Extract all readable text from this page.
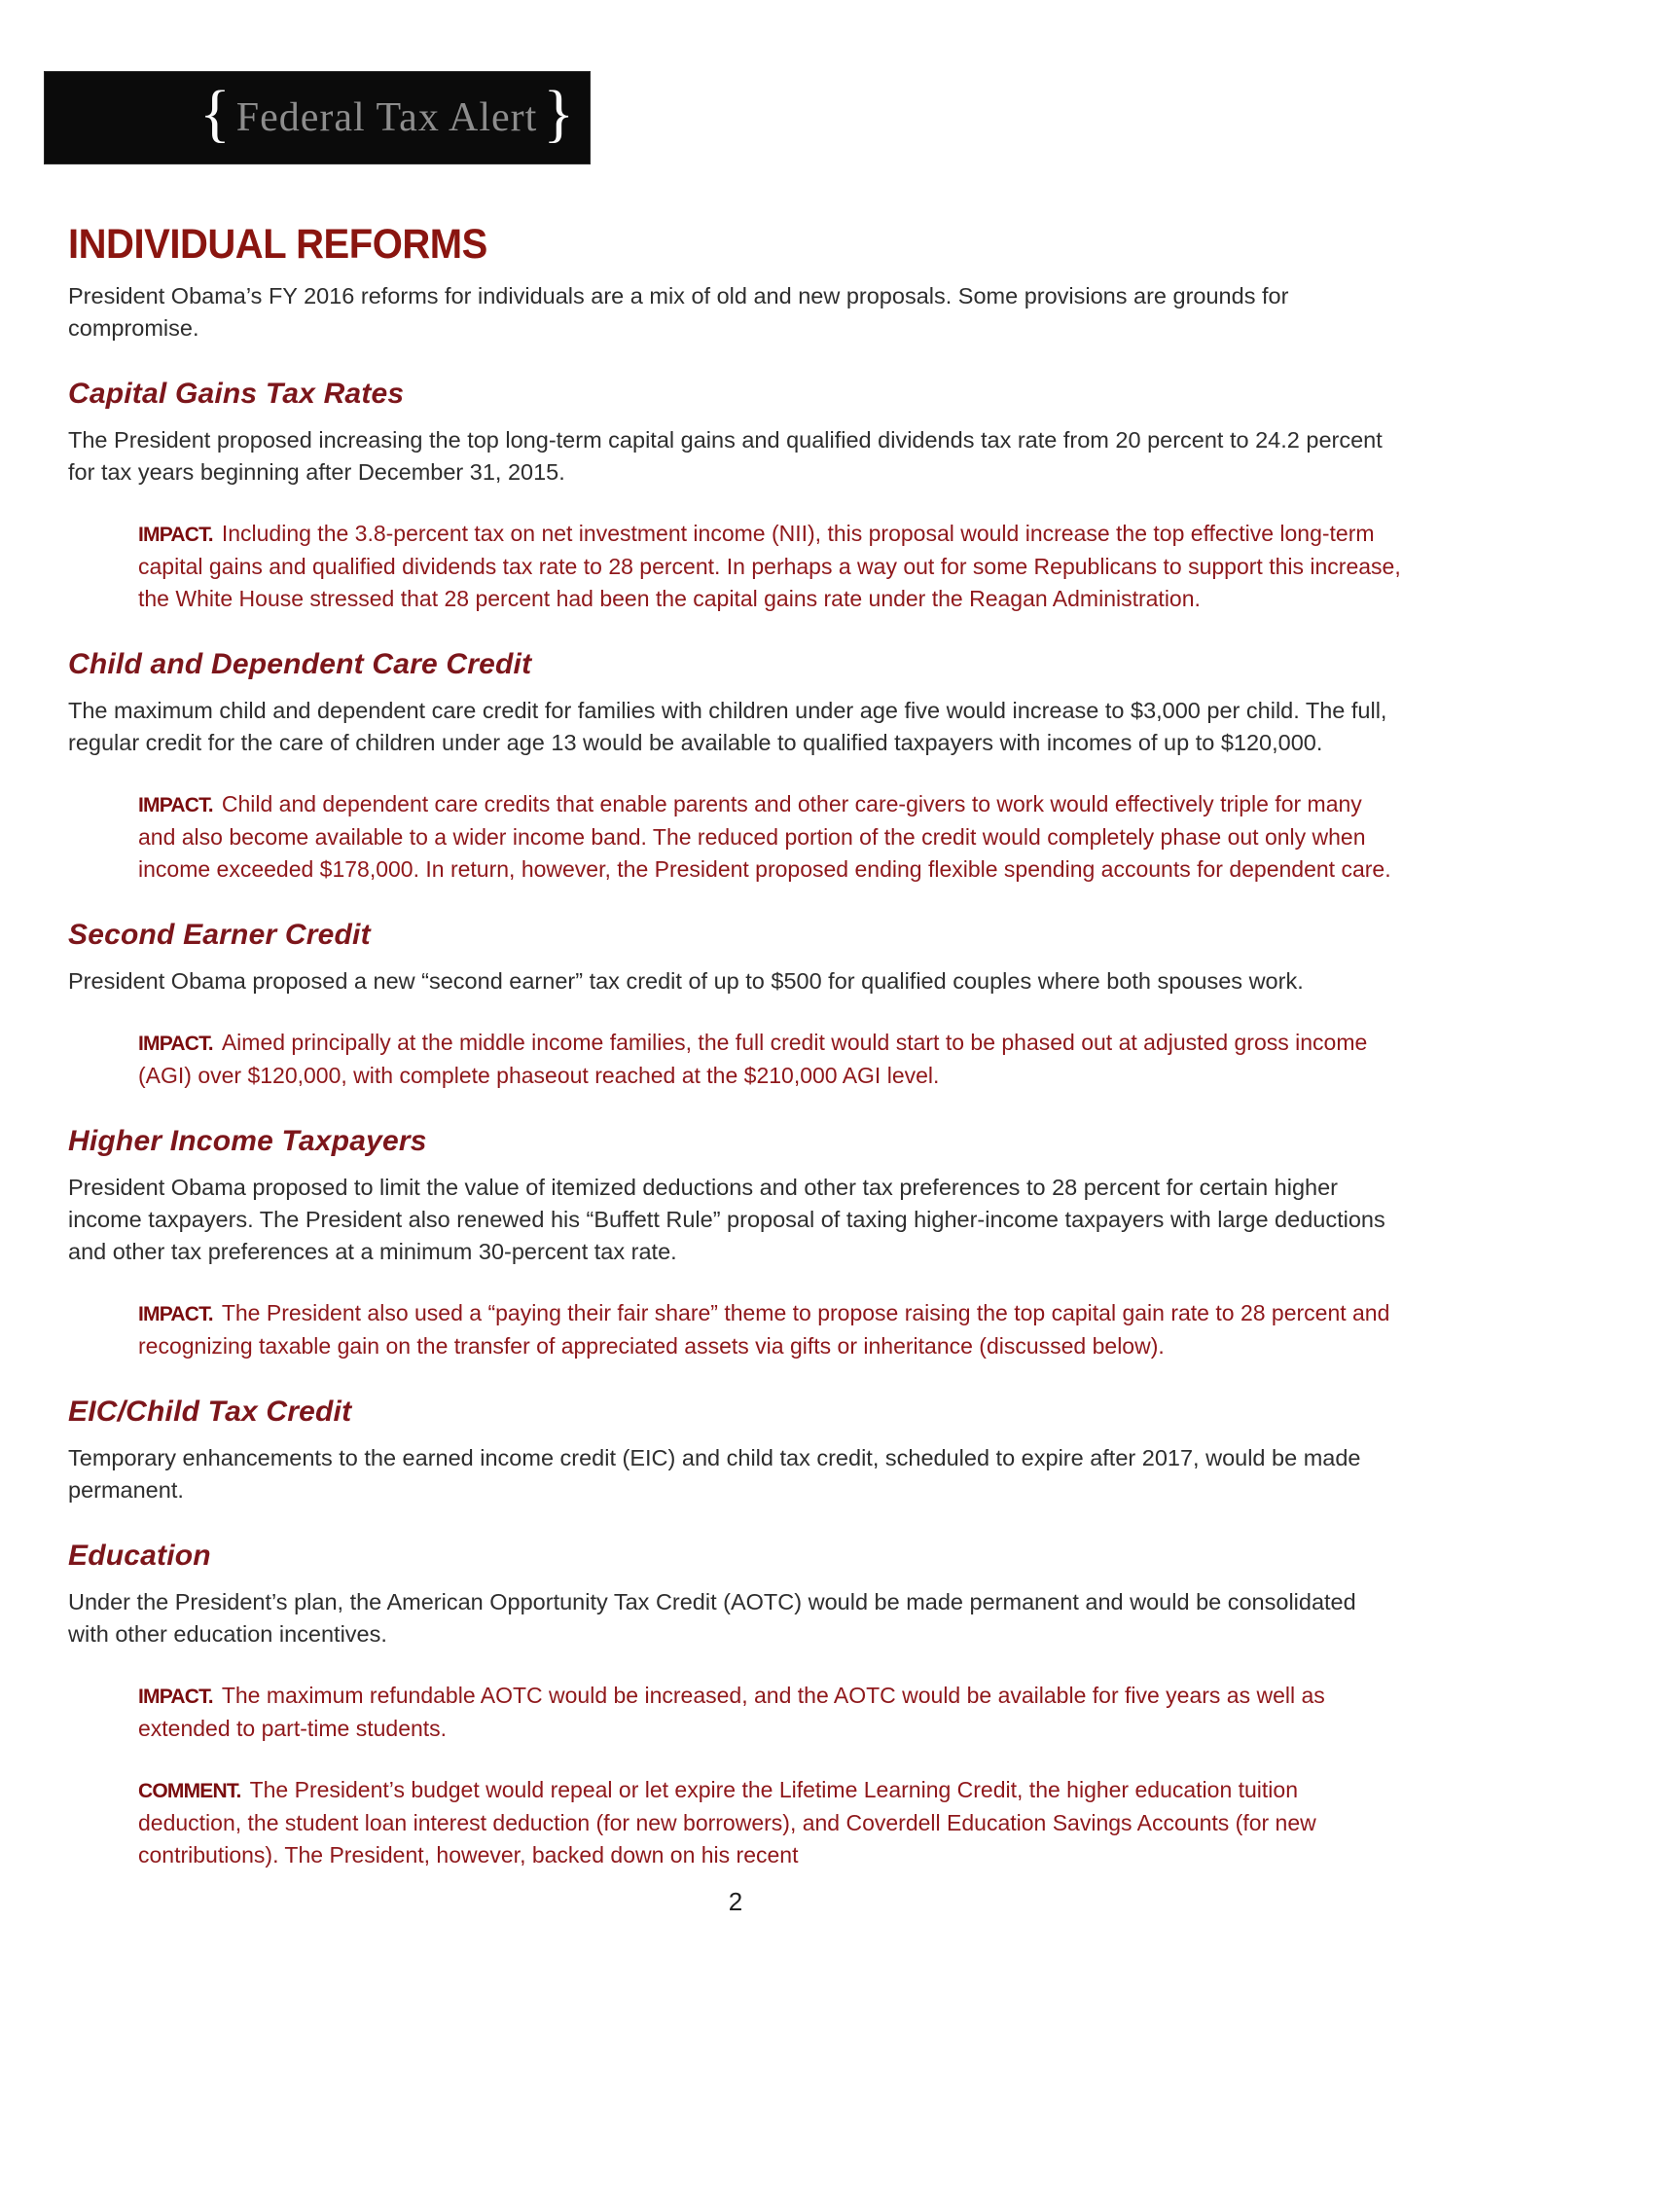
{ Federal Tax Alert }
INDIVIDUAL REFORMS

President Obama’s FY 2016 reforms for individuals are a mix of old and new proposals. Some provisions are grounds for compromise.

Capital Gains Tax Rates

The President proposed increasing the top long-term capital gains and qualified dividends tax rate from 20 percent to 24.2 percent for tax years beginning after December 31, 2015.

IMPACT. Including the 3.8-percent tax on net investment income (NII), this proposal would increase the top effective long-term capital gains and qualified dividends tax rate to 28 percent. In perhaps a way out for some Republicans to support this increase, the White House stressed that 28 percent had been the capital gains rate under the Reagan Administration.

Child and Dependent Care Credit

The maximum child and dependent care credit for families with children under age five would increase to $3,000 per child. The full, regular credit for the care of children under age 13 would be available to qualified taxpayers with incomes of up to $120,000.

IMPACT. Child and dependent care credits that enable parents and other care-givers to work would effectively triple for many and also become available to a wider income band. The reduced portion of the credit would completely phase out only when income exceeded $178,000. In return, however, the President proposed ending flexible spending accounts for dependent care.

Second Earner Credit

President Obama proposed a new “second earner” tax credit of up to $500 for qualified couples where both spouses work.

IMPACT. Aimed principally at the middle income families, the full credit would start to be phased out at adjusted gross income (AGI) over $120,000, with complete phaseout reached at the $210,000 AGI level.

Higher Income Taxpayers

President Obama proposed to limit the value of itemized deductions and other tax preferences to 28 percent for certain higher income taxpayers. The President also renewed his “Buffett Rule” proposal of taxing higher-income taxpayers with large deductions and other tax preferences at a minimum 30-percent tax rate.

IMPACT. The President also used a “paying their fair share” theme to propose raising the top capital gain rate to 28 percent and recognizing taxable gain on the transfer of appreciated assets via gifts or inheritance (discussed below).

EIC/Child Tax Credit

Temporary enhancements to the earned income credit (EIC) and child tax credit, scheduled to expire after 2017, would be made permanent.

Education

Under the President’s plan, the American Opportunity Tax Credit (AOTC) would be made permanent and would be consolidated with other education incentives.

IMPACT. The maximum refundable AOTC would be increased, and the AOTC would be available for five years as well as extended to part-time students.

COMMENT. The President’s budget would repeal or let expire the Lifetime Learning Credit, the higher education tuition deduction, the student loan interest deduction (for new borrowers), and Coverdell Education Savings Accounts (for new contributions). The President, however, backed down on his recent

2
